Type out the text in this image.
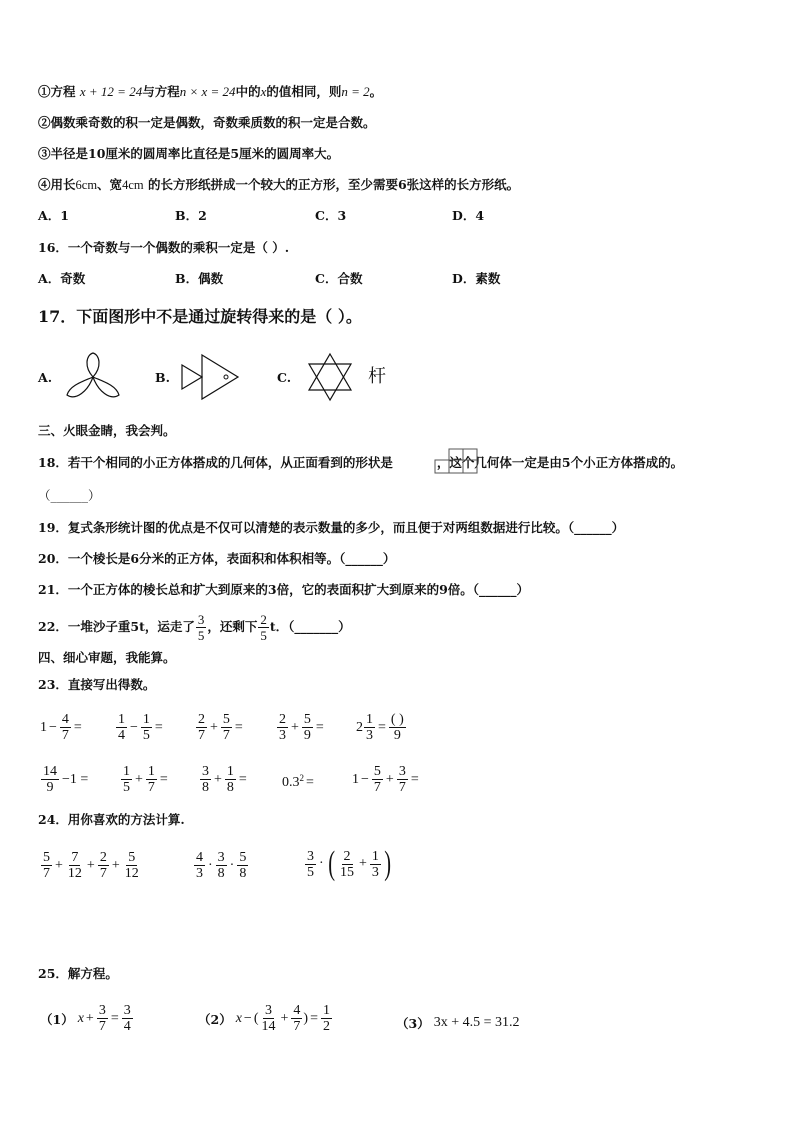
①方程 x + 12 = 24与方程n × x = 24中的x的值相同，则n = 2。
②偶数乘奇数的积一定是偶数，奇数乘质数的积一定是合数。
③半径是10厘米的圆周率比直径是5厘米的圆周率大。
④用长6cm、宽4cm 的长方形纸拼成一个较大的正方形，至少需要6张这样的长方形纸。
A．1	B．2	C．3	D．4
16．一个奇数与一个偶数的乘积一定是（ ）.
A．奇数	B．偶数	C．合数	D．素数
17．下面图形中不是通过旋转得来的是（ ）。
A.	B.	C.	杆
三、火眼金睛，我会判。
18．若干个相同的小正方体搭成的几何体，从正面看到的形状是	，这个几何体一定是由5个小正方体搭成的。
（______）
19．复式条形统计图的优点是不仅可以清楚的表示数量的多少，而且便于对两组数据进行比较。（______）
20．一个棱长是6分米的正方体，表面积和体积相等。（______）
21．一个正方体的棱长总和扩大到原来的3倍，它的表面积扩大到原来的9倍。（______）
22．一堆沙子重5t，运走了 $\frac{3}{5}$ ，还剩下 $\frac{2}{5}$ t．（_______）
四、细心审题，我能算。
23．直接写出得数。
$1 - \frac{4}{7} = \frac{1}{4} - \frac{1}{5} = \frac{2}{7} + \frac{5}{7} = \frac{2}{3} + \frac{5}{9} = 2 \frac{1}{3} = \frac{( )}{9}$
$\frac{14}{9} -1 = \frac{1}{5} + \frac{1}{7} = \frac{3}{8} + \frac{1}{8}$ =	$0.3^2$ =	$1 - \frac{5}{7} + \frac{3}{7}$ =
24．用你喜欢的方法计算.
$\frac{5}{7} + \frac{7}{12} + \frac{2}{7} + \frac{5}{12}$	$\frac{4}{3} \cdot \frac{3}{8} \cdot \frac{5}{8}$	$\frac{3}{5}$ · ( $\frac{2}{15} + \frac{1}{3}$ )
25．解方程。
（1） $x + \frac{3}{7} = \frac{3}{4}$	（2） x − ( $\frac{3}{14} + \frac{4}{7}$ ) = $\frac{1}{2}$	（3） 3x + 4.5 = 31.2
